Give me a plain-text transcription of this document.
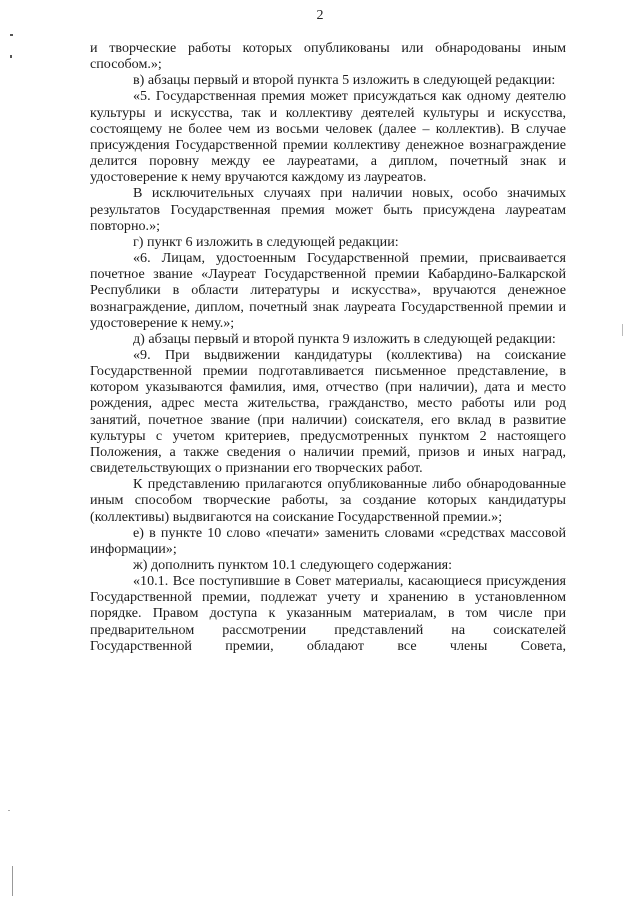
2

и творческие работы которых опубликованы или обнародованы иным способом.»;

в) абзацы первый и второй пункта 5 изложить в следующей редакции:

«5. Государственная премия может присуждаться как одному деятелю культуры и искусства, так и коллективу деятелей культуры и искусства, состоящему не более чем из восьми человек (далее – коллектив). В случае присуждения Государственной премии коллективу денежное вознаграждение делится поровну между ее лауреатами, а диплом, почетный знак и удостоверение к нему вручаются каждому из лауреатов.

В исключительных случаях при наличии новых, особо значимых результатов Государственная премия может быть присуждена лауреатам повторно.»;

г) пункт 6 изложить в следующей редакции:

«6. Лицам, удостоенным Государственной премии, присваивается почетное звание «Лауреат Государственной премии Кабардино-Балкарской Республики в области литературы и искусства», вручаются денежное вознаграждение, диплом, почетный знак лауреата Государственной премии и удостоверение к нему.»;

д) абзацы первый и второй пункта 9 изложить в следующей редакции:

«9. При выдвижении кандидатуры (коллектива) на соискание Государственной премии подготавливается письменное представление, в котором указываются фамилия, имя, отчество (при наличии), дата и место рождения, адрес места жительства, гражданство, место работы или род занятий, почетное звание (при наличии) соискателя, его вклад в развитие культуры с учетом критериев, предусмотренных пунктом 2 настоящего Положения, а также сведения о наличии премий, призов и иных наград, свидетельствующих о признании его творческих работ.

К представлению прилагаются опубликованные либо обнародованные иным способом творческие работы, за создание которых кандидатуры (коллективы) выдвигаются на соискание Государственной премии.»;

е) в пункте 10 слово «печати» заменить словами «средствах массовой информации»;

ж) дополнить пунктом 10.1 следующего содержания:

«10.1. Все поступившие в Совет материалы, касающиеся присуждения Государственной премии, подлежат учету и хранению в установленном порядке. Правом доступа к указанным материалам, в том числе при предварительном рассмотрении представлений на соискателей Государственной премии, обладают все члены Совета,
